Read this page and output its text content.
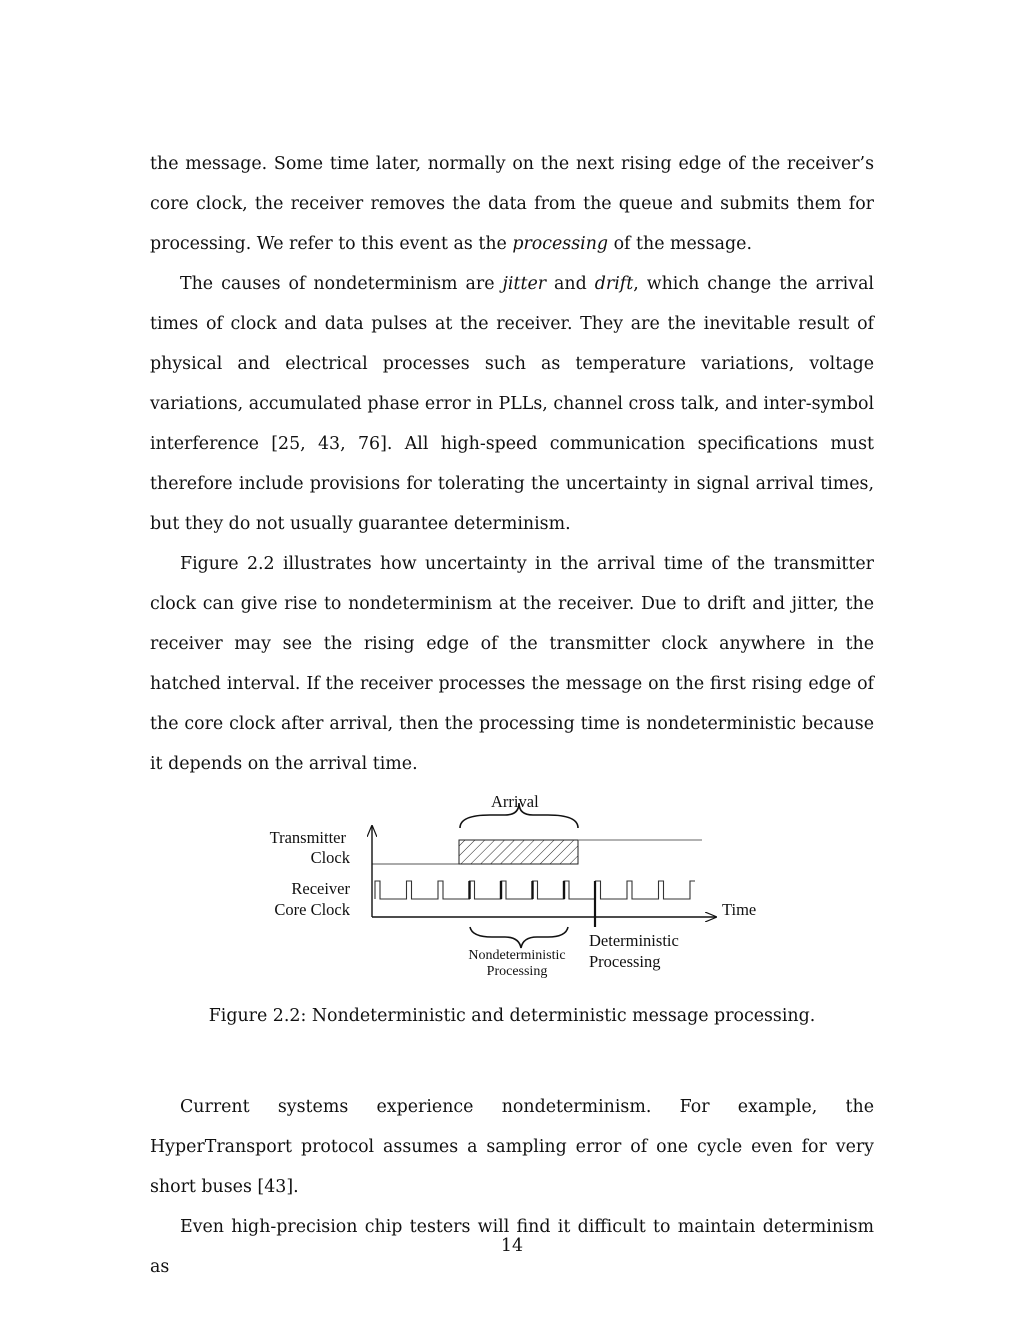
the message. Some time later, normally on the next rising edge of the receiver’s core clock, the receiver removes the data from the queue and submits them for processing. We refer to this event as the processing of the message.

The causes of nondeterminism are jitter and drift, which change the arrival times of clock and data pulses at the receiver. They are the inevitable result of physical and electrical processes such as temperature variations, voltage variations, accumulated phase error in PLLs, channel cross talk, and inter-symbol interference [25, 43, 76]. All high-speed communication specifications must therefore include provisions for tolerating the uncertainty in signal arrival times, but they do not usually guarantee determinism.

Figure 2.2 illustrates how uncertainty in the arrival time of the transmitter clock can give rise to nondeterminism at the receiver. Due to drift and jitter, the receiver may see the rising edge of the transmitter clock anywhere in the hatched interval. If the receiver processes the message on the first rising edge of the core clock after arrival, then the processing time is nondeterministic because it depends on the arrival time.

Arrival
Transmitter
Clock
Receiver
Core Clock	Time
Nondeterministic
Processing
Deterministic
Processing
Figure 2.2: Nondeterministic and deterministic message processing.

Current systems experience nondeterminism. For example, the HyperTransport protocol assumes a sampling error of one cycle even for very short buses [43].

Even high-precision chip testers will find it difficult to maintain determinism as

14
